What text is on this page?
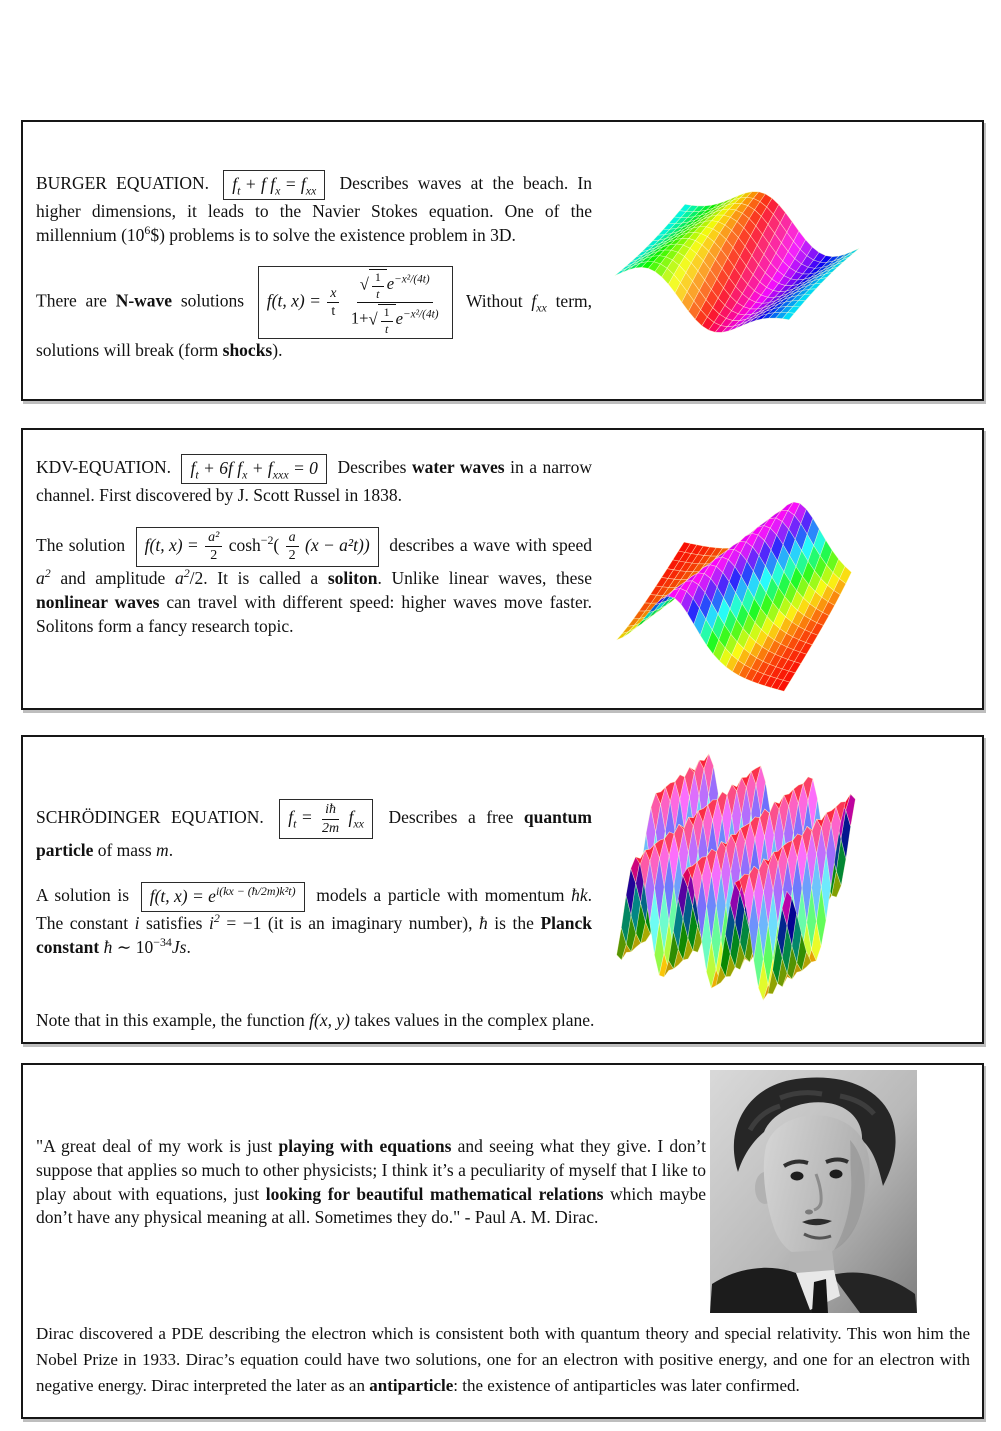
BURGER EQUATION. $f_t + f$ $f_x = f_{xx}$ Describes waves at the beach. In higher dimensions, it leads to the Navier Stokes equation. One of the millennium $(10^6\$)$ problems is to solve the existence problem in 3D.

There are N-wave solutions f(t, $x) = \frac{x}{t}$
$\frac{√ \frac{1}{t} e^{-x^2/(4t)}}{1+√ \frac{1}{t} e^{-x^2/(4t)}}$ Without $f_{xx}$ term, solutions will break (form shocks).

KDV-EQUATION. $f_t + 6f$ $f_x + f_{xxx} = 0$ Describes water waves in a narrow channel. First discovered by J. Scott Russel in 1838.

The solution f(t, $x) = \frac{\text{a²}}{2} \cosh^{-2}( \frac{a}{2} (x - a^2t))$ describes a wave with speed $a^2$ and amplitude $a^2/2$. It is called a soliton. Unlike linear waves, these nonlinear waves can travel with different speed: higher waves move faster. Solitons form a fancy research topic.

SCHRÖDINGER EQUATION. $f_t = \frac{iħ}{2m} f_{xx}$ Describes a free quantum particle of mass m.

A solution is f(t, $x) = e^{i(kx - (ħ/2m)k^2t)}$ models a particle with momentum ħk. The constant i satisfies $i^2 = -1$ (it is an imaginary number), ħ is the Planck constant ħ ∼ $10^{-34}Js$.

Note that in this example, the function f(x, y) takes values in the complex plane.

"A great deal of my work is just playing with equations and seeing what they give. I don’t suppose that applies so much to other physicists; I think it’s a peculiarity of myself that I like to play about with equations, just looking for beautiful mathematical relations which maybe don’t have any physical meaning at all. Sometimes they do." - Paul A. M. Dirac.

Dirac discovered a PDE describing the electron which is consistent both with quantum theory and special relativity. This won him the Nobel Prize in 1933. Dirac’s equation could have two solutions, one for an electron with positive energy, and one for an electron with negative energy. Dirac interpreted the later as an antiparticle: the existence of antiparticles was later confirmed.
